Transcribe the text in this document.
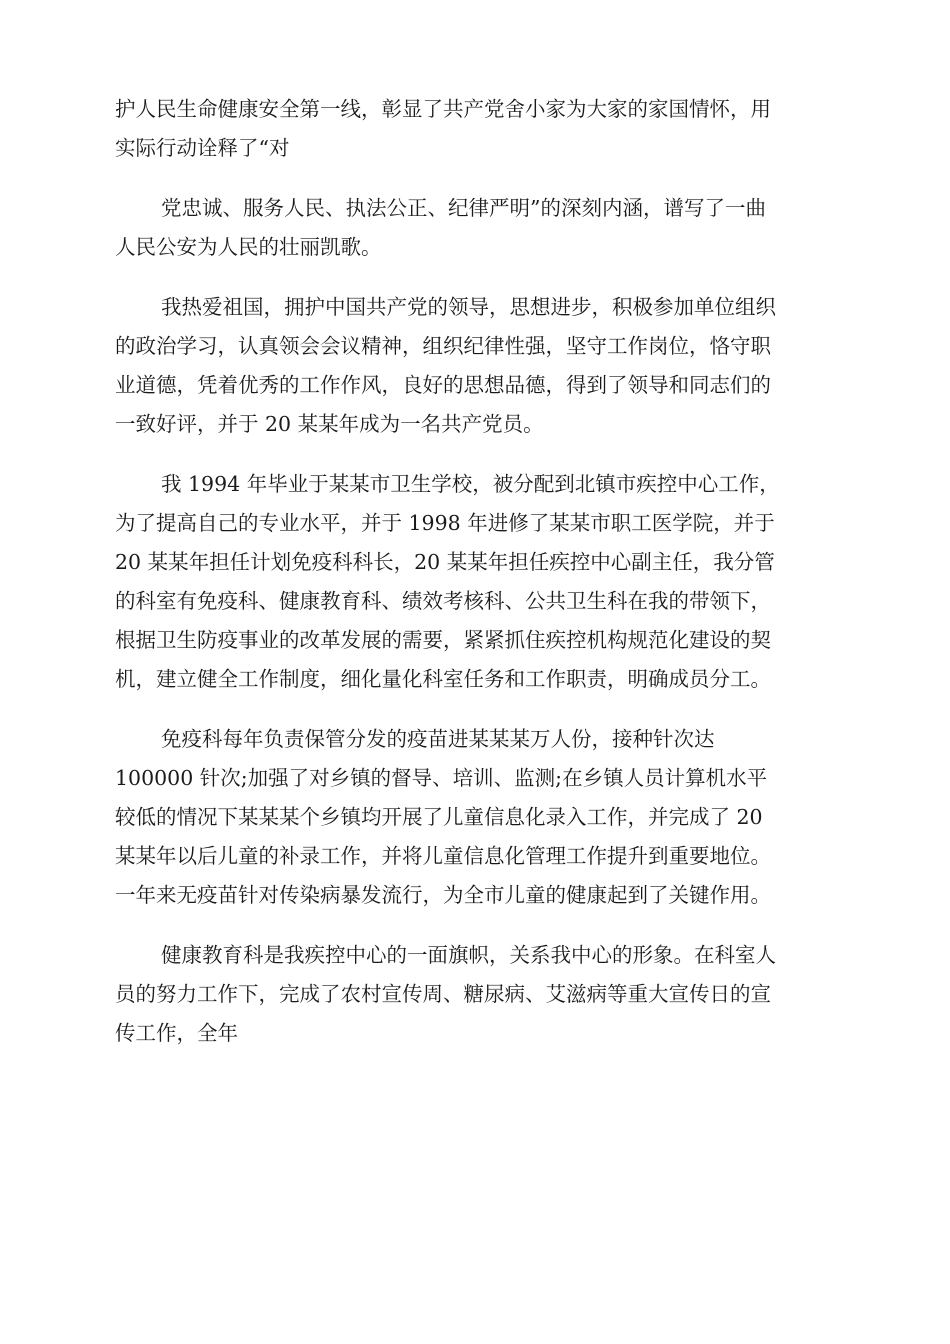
护人民生命健康安全第一线，彰显了共产党舍小家为大家的家国情怀，用
实际行动诠释了“对

党忠诚、服务人民、执法公正、纪律严明”的深刻内涵，谱写了一曲
人民公安为人民的壮丽凯歌。

我热爱祖国，拥护中国共产党的领导，思想进步，积极参加单位组织
的政治学习，认真领会会议精神，组织纪律性强，坚守工作岗位，恪守职
业道德，凭着优秀的工作作风，良好的思想品德，得到了领导和同志们的
一致好评，并于 20 某某年成为一名共产党员。

我 1994 年毕业于某某市卫生学校，被分配到北镇市疾控中心工作，
为了提高自己的专业水平，并于 1998 年进修了某某市职工医学院，并于
20 某某年担任计划免疫科科长，20 某某年担任疾控中心副主任，我分管
的科室有免疫科、健康教育科、绩效考核科、公共卫生科在我的带领下，
根据卫生防疫事业的改革发展的需要，紧紧抓住疾控机构规范化建设的契
机，建立健全工作制度，细化量化科室任务和工作职责，明确成员分工。

免疫科每年负责保管分发的疫苗进某某某万人份，接种针次达
100000 针次;加强了对乡镇的督导、培训、监测;在乡镇人员计算机水平
较低的情况下某某某个乡镇均开展了儿童信息化录入工作，并完成了 20
某某年以后儿童的补录工作，并将儿童信息化管理工作提升到重要地位。
一年来无疫苗针对传染病暴发流行，为全市儿童的健康起到了关键作用。

健康教育科是我疾控中心的一面旗帜，关系我中心的形象。在科室人
员的努力工作下，完成了农村宣传周、糖尿病、艾滋病等重大宣传日的宣
传工作，全年
